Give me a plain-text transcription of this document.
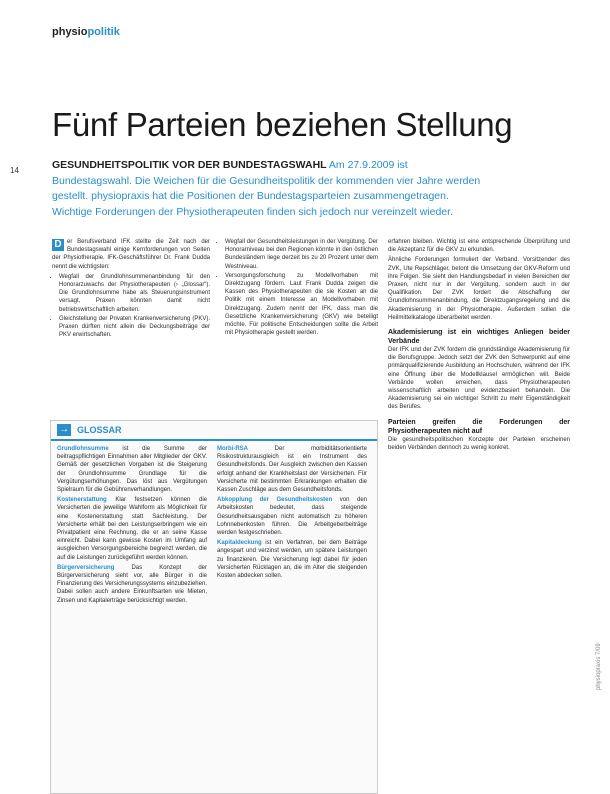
physiopolitik
Fünf Parteien beziehen Stellung
14	GESUNDHEITSPOLITIK VOR DER BUNDESTAGSWAHL Am 27.9.2009 ist Bundestagswahl. Die Weichen für die Gesundheitspolitik der kommenden vier Jahre werden gestellt. physiopraxis hat die Positionen der Bundestagsparteien zusammengetragen. Wichtige Forderungen der Physiotherapeuten finden sich jedoch nur vereinzelt wieder.

D er Berufsverband IFK stellte die Zeit nach der Bundestagswahl einige Kernforderungen von Seiten der Physiotherapie. IFK-Geschäftsführer Dr. Frank Dudda nennt die wichtigsten:

• Wegfall der Grundlohnsummenanbindung für den Honorarzuwachs der Physiotherapeuten (› „Glossar“). Die Grundlohnsumme habe als Steuerungsinstrument versagt, Praxen könnten damit nicht betriebswirtschaftlich arbeiten.
• Gleichstellung der Privaten Krankenversicherung (PKV). Praxen dürften nicht allein die Deckungsbeiträge der PKV erwirtschaften.
• Wegfall der Gesundheitsleistungen in der Vergütung. Der Honorarniveau bei den Regionen könnte in den östlichen Bundesländern liege derzeit bis zu 20 Prozent unter dem Westniveau.
• Versorgungsforschung zu Modellvorhaben mit Direktzugang fördern. Laut Frank Dudda zeigen die Kassen des Physiotherapeuten die sie Kosten an die Politik mit einem Interesse an Modellvorhaben mit Direktzugang. Zudem nennt der IFK, dass man die Gesetzliche Krankenversicherung (GKV) wie beteiligt möchte. Für politische Entscheidungen sollte die Arbeit mit Physiotherapie gestellt werden.

erfahren bleiben. Wichtig ist eine entsprechende Überprüfung und die Akzeptanz für die GKV zu erkunden.

Ähnliche Forderungen formuliert der Verband. Vorsitzender des ZVK, Ute Repschläger, betont die Umsetzung der GKV-Reform und ihre Folgen. Sie sieht den Handlungsbedarf in vielen Bereichen der Praxen, nicht nur in der Vergütung, sondern auch in der Qualifikation. Der ZVK fordert die Abschaffung der Grundlohnsummenanbindung, die Direktzugangsregelung und die Akademisierung in der Physiotherapie. Außerdem sollen die Heilmittelkataloge überarbeitet werden.

Akademisierung ist ein wichtiges Anliegen beider Verbände

Der IFK und der ZVK fordern die grundständige Akademisierung für die Berufsgruppe. Jedoch setzt der ZVK den Schwerpunkt auf eine primärqualifizierende Ausbildung an Hochschulen, während der IFK eine Öffnung über die Modellklausel ermöglichen will. Beide Verbände wollen erreichen, dass Physiotherapeuten wissenschaftlich arbeiten und evidenzbasiert behandeln. Die Akademisierung sei ein wichtiger Schritt zu mehr Eigenständigkeit des Berufes.

Parteien greifen die Forderungen der Physiotherapeuten nicht auf

Die gesundheitspolitischen Konzepte der Parteien erscheinen beiden Verbänden dennoch zu wenig konkret.

→ GLOSSAR

Grundlohnsumme ist die Summe der beitragspflichtigen Einnahmen aller Mitglieder der GKV. Gemäß der gesetzlichen Vorgaben ist die Steigerung der Grundlohnsumme Grundlage für die Vergütungserhöhungen. Das löst aus Vergütungen Spielraum für die Gebührenverhandlungen.

Kostenerstattung Klar festsetzen können die Versicherten die jeweilige Wahlform als Möglichkeit für eine Kostenerstattung statt Sachleistung. Der Versicherte erhält bei den Leistungserbringern wie ein Privatpatient eine Rechnung, die er an seine Kasse einreicht. Dabei kann gewisse Kosten im Umfang auf ausgleichen Versorgungsbereiche begrenzt werden, die auf die Leistungen zurückgeführt werden können.

Bürgerversicherung	Das Konzept der Bürgerversicherung sieht vor, alle Bürger in die Finanzierung des Versicherungssystems einzubeziehen. Dabei sollen auch andere Einkunftsarten wie Mieten, Zinsen und Kapitalerträge berücksichtigt werden.

Morbi-RSA	Der morbiditätsorientierte Risikostrukturausgleich ist ein Instrument des Gesundheitsfonds. Der Ausgleich zwischen den Kassen erfolgt anhand der Krankheitslast der Versicherten. Für Versicherte mit bestimmten Erkrankungen erhalten die Kassen Zuschläge aus dem Gesundheitsfonds.

Abkopplung der Gesundheitskosten von den Arbeitskosten bedeutet, dass steigende Gesundheitsausgaben nicht automatisch zu höheren Lohnnebenkosten führen. Die Arbeitgeberbeiträge werden festgeschrieben.

Kapitaldeckung ist ein Verfahren, bei dem Beiträge angespart und verzinst werden, um spätere Leistungen zu finanzieren. Die Versicherung legt dabei für jeden Versicherten Rücklagen an, die im Alter die steigenden Kosten abdecken sollen.

physiopraxis 7/09
